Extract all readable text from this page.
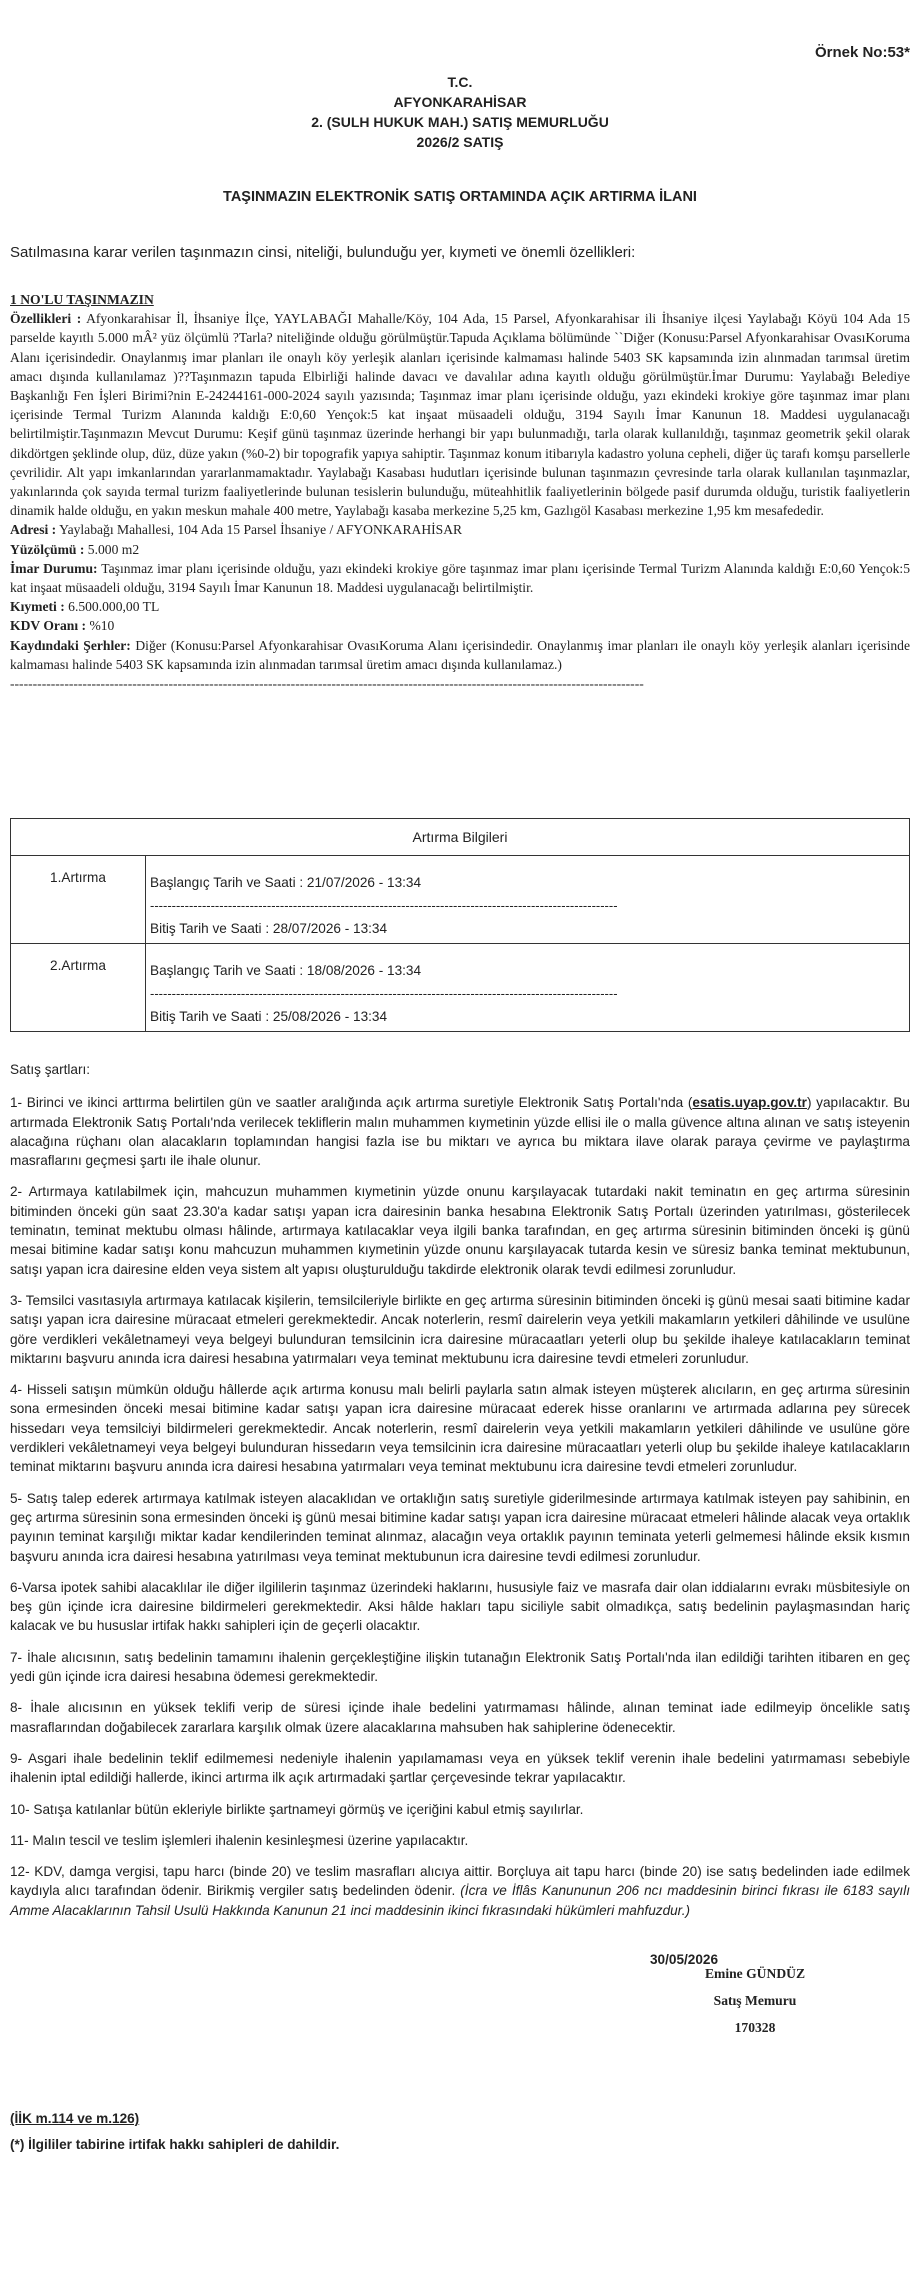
Örnek No:53*
T.C.
AFYONKARAHİSAR
2. (SULH HUKUK MAH.) SATIŞ MEMURLUĞU
2026/2 SATIŞ
TAŞINMAZIN ELEKTRONİK SATIŞ ORTAMINDA AÇIK ARTIRMA İLANI
Satılmasına karar verilen taşınmazın cinsi, niteliği, bulunduğu yer, kıymeti ve önemli özellikleri:

1 NO'LU TAŞINMAZIN

Özellikleri : Afyonkarahisar İl, İhsaniye İlçe, YAYLABAĞI Mahalle/Köy, 104 Ada, 15 Parsel, Afyonkarahisar ili İhsaniye ilçesi Yaylabağı Köyü 104 Ada 15 parselde kayıtlı 5.000 mÂ² yüz ölçümlü ?Tarla? niteliğinde olduğu görülmüştür.Tapuda Açıklama bölümünde ``Diğer (Konusu:Parsel Afyonkarahisar OvasıKoruma Alanı içerisindedir. Onaylanmış imar planları ile onaylı köy yerleşik alanları içerisinde kalmaması halinde 5403 SK kapsamında izin alınmadan tarımsal üretim amacı dışında kullanılamaz )??Taşınmazın tapuda Elbirliği halinde davacı ve davalılar adına kayıtlı olduğu görülmüştür.İmar Durumu: Yaylabağı Belediye Başkanlığı Fen İşleri Birimi?nin E-24244161-000-2024 sayılı yazısında; Taşınmaz imar planı içerisinde olduğu, yazı ekindeki krokiye göre taşınmaz imar planı içerisinde Termal Turizm Alanında kaldığı E:0,60 Yençok:5 kat inşaat müsaadeli olduğu, 3194 Sayılı İmar Kanunun 18. Maddesi uygulanacağı belirtilmiştir.Taşınmazın Mevcut Durumu: Keşif günü taşınmaz üzerinde herhangi bir yapı bulunmadığı, tarla olarak kullanıldığı, taşınmaz geometrik şekil olarak dikdörtgen şeklinde olup, düz, düze yakın (%0-2) bir topografik yapıya sahiptir. Taşınmaz konum itibarıyla kadastro yoluna cepheli, diğer üç tarafı komşu parsellerle çevrilidir. Alt yapı imkanlarından yararlanmamaktadır. Yaylabağı Kasabası hudutları içerisinde bulunan taşınmazın çevresinde tarla olarak kullanılan taşınmazlar, yakınlarında çok sayıda termal turizm faaliyetlerinde bulunan tesislerin bulunduğu, müteahhitlik faaliyetlerinin bölgede pasif durumda olduğu, turistik faaliyetlerin dinamik halde olduğu, en yakın meskun mahale 400 metre, Yaylabağı kasaba merkezine 5,25 km, Gazlıgöl Kasabası merkezine 1,95 km mesafededir.

Adresi : Yaylabağı Mahallesi, 104 Ada 15 Parsel İhsaniye / AFYONKARAHİSAR

Yüzölçümü : 5.000 m2

İmar Durumu: Taşınmaz imar planı içerisinde olduğu, yazı ekindeki krokiye göre taşınmaz imar planı içerisinde Termal Turizm Alanında kaldığı E:0,60 Yençok:5 kat inşaat müsaadeli olduğu, 3194 Sayılı İmar Kanunun 18. Maddesi uygulanacağı belirtilmiştir.

Kıymeti : 6.500.000,00 TL

KDV Oranı : %10

Kaydındaki Şerhler: Diğer (Konusu:Parsel Afyonkarahisar OvasıKoruma Alanı içerisindedir. Onaylanmış imar planları ile onaylı köy yerleşik alanları içerisinde kalmaması halinde 5403 SK kapsamında izin alınmadan tarımsal üretim amacı dışında kullanılamaz.)

--------------------------------------------------------------------------------------------------------------------------------------------

Artırma Bilgileri	
1.Artırma	Başlangıç Tarih ve Saati : 21/07/2026 - 13:34
------------------------------------------------------------------------------------------------------------
Bitiş Tarih ve Saati : 28/07/2026 - 13:34

2.Artırma	Başlangıç Tarih ve Saati : 18/08/2026 - 13:34
------------------------------------------------------------------------------------------------------------
Bitiş Tarih ve Saati : 25/08/2026 - 13:34

Satış şartları:

1- Birinci ve ikinci arttırma belirtilen gün ve saatler aralığında açık artırma suretiyle Elektronik Satış Portalı'nda (esatis.uyap.gov.tr) yapılacaktır. Bu artırmada Elektronik Satış Portalı'nda verilecek tekliflerin malın muhammen kıymetinin yüzde ellisi ile o malla güvence altına alınan ve satış isteyenin alacağına rüçhanı olan alacakların toplamından hangisi fazla ise bu miktarı ve ayrıca bu miktara ilave olarak paraya çevirme ve paylaştırma masraflarını geçmesi şartı ile ihale olunur.

2- Artırmaya katılabilmek için, mahcuzun muhammen kıymetinin yüzde onunu karşılayacak tutardaki nakit teminatın en geç artırma süresinin bitiminden önceki gün saat 23.30'a kadar satışı yapan icra dairesinin banka hesabına Elektronik Satış Portalı üzerinden yatırılması, gösterilecek teminatın, teminat mektubu olması hâlinde, artırmaya katılacaklar veya ilgili banka tarafından, en geç artırma süresinin bitiminden önceki iş günü mesai bitimine kadar satışı konu mahcuzun muhammen kıymetinin yüzde onunu karşılayacak tutarda kesin ve süresiz banka teminat mektubunun, satışı yapan icra dairesine elden veya sistem alt yapısı oluşturulduğu takdirde elektronik olarak tevdi edilmesi zorunludur.

3- Temsilci vasıtasıyla artırmaya katılacak kişilerin, temsilcileriyle birlikte en geç artırma süresinin bitiminden önceki iş günü mesai saati bitimine kadar satışı yapan icra dairesine müracaat etmeleri gerekmektedir. Ancak noterlerin, resmî dairelerin veya yetkili makamların yetkileri dâhilinde ve usulüne göre verdikleri vekâletnameyi veya belgeyi bulunduran temsilcinin icra dairesine müracaatları yeterli olup bu şekilde ihaleye katılacakların teminat miktarını başvuru anında icra dairesi hesabına yatırmaları veya teminat mektubunu icra dairesine tevdi etmeleri zorunludur.

4- Hisseli satışın mümkün olduğu hâllerde açık artırma konusu malı belirli paylarla satın almak isteyen müşterek alıcıların, en geç artırma süresinin sona ermesinden önceki mesai bitimine kadar satışı yapan icra dairesine müracaat ederek hisse oranlarını ve artırmada adlarına pey sürecek hissedarı veya temsilciyi bildirmeleri gerekmektedir. Ancak noterlerin, resmî dairelerin veya yetkili makamların yetkileri dâhilinde ve usulüne göre verdikleri vekâletnameyi veya belgeyi bulunduran hissedarın veya temsilcinin icra dairesine müracaatları yeterli olup bu şekilde ihaleye katılacakların teminat miktarını başvuru anında icra dairesi hesabına yatırmaları veya teminat mektubunu icra dairesine tevdi etmeleri zorunludur.

5- Satış talep ederek artırmaya katılmak isteyen alacaklıdan ve ortaklığın satış suretiyle giderilmesinde artırmaya katılmak isteyen pay sahibinin, en geç artırma süresinin sona ermesinden önceki iş günü mesai bitimine kadar satışı yapan icra dairesine müracaat etmeleri hâlinde alacak veya ortaklık payının teminat karşılığı miktar kadar kendilerinden teminat alınmaz, alacağın veya ortaklık payının teminata yeterli gelmemesi hâlinde eksik kısmın başvuru anında icra dairesi hesabına yatırılması veya teminat mektubunun icra dairesine tevdi edilmesi zorunludur.

6-Varsa ipotek sahibi alacaklılar ile diğer ilgililerin taşınmaz üzerindeki haklarını, hususiyle faiz ve masrafa dair olan iddialarını evrakı müsbitesiyle on beş gün içinde icra dairesine bildirmeleri gerekmektedir. Aksi hâlde hakları tapu siciliyle sabit olmadıkça, satış bedelinin paylaşmasından hariç kalacak ve bu hususlar irtifak hakkı sahipleri için de geçerli olacaktır.

7- İhale alıcısının, satış bedelinin tamamını ihalenin gerçekleştiğine ilişkin tutanağın Elektronik Satış Portalı'nda ilan edildiği tarihten itibaren en geç yedi gün içinde icra dairesi hesabına ödemesi gerekmektedir.

8- İhale alıcısının en yüksek teklifi verip de süresi içinde ihale bedelini yatırmaması hâlinde, alınan teminat iade edilmeyip öncelikle satış masraflarından doğabilecek zararlara karşılık olmak üzere alacaklarına mahsuben hak sahiplerine ödenecektir.

9- Asgari ihale bedelinin teklif edilmemesi nedeniyle ihalenin yapılamaması veya en yüksek teklif verenin ihale bedelini yatırmaması sebebiyle ihalenin iptal edildiği hallerde, ikinci artırma ilk açık artırmadaki şartlar çerçevesinde tekrar yapılacaktır.

10- Satışa katılanlar bütün ekleriyle birlikte şartnameyi görmüş ve içeriğini kabul etmiş sayılırlar.

11- Malın tescil ve teslim işlemleri ihalenin kesinleşmesi üzerine yapılacaktır.

12- KDV, damga vergisi, tapu harcı (binde 20) ve teslim masrafları alıcıya aittir. Borçluya ait tapu harcı (binde 20) ise satış bedelinden iade edilmek kaydıyla alıcı tarafından ödenir. Birikmiş vergiler satış bedelinden ödenir. (İcra ve İflâs Kanununun 206 ncı maddesinin birinci fıkrası ile 6183 sayılı Amme Alacaklarının Tahsil Usulü Hakkında Kanunun 21 inci maddesinin ikinci fıkrasındaki hükümleri mahfuzdur.)

30/05/2026
Emine GÜNDÜZ
Satış Memuru
170328
(İİK m.114 ve m.126)
(*) İlgililer tabirine irtifak hakkı sahipleri de dahildir.
